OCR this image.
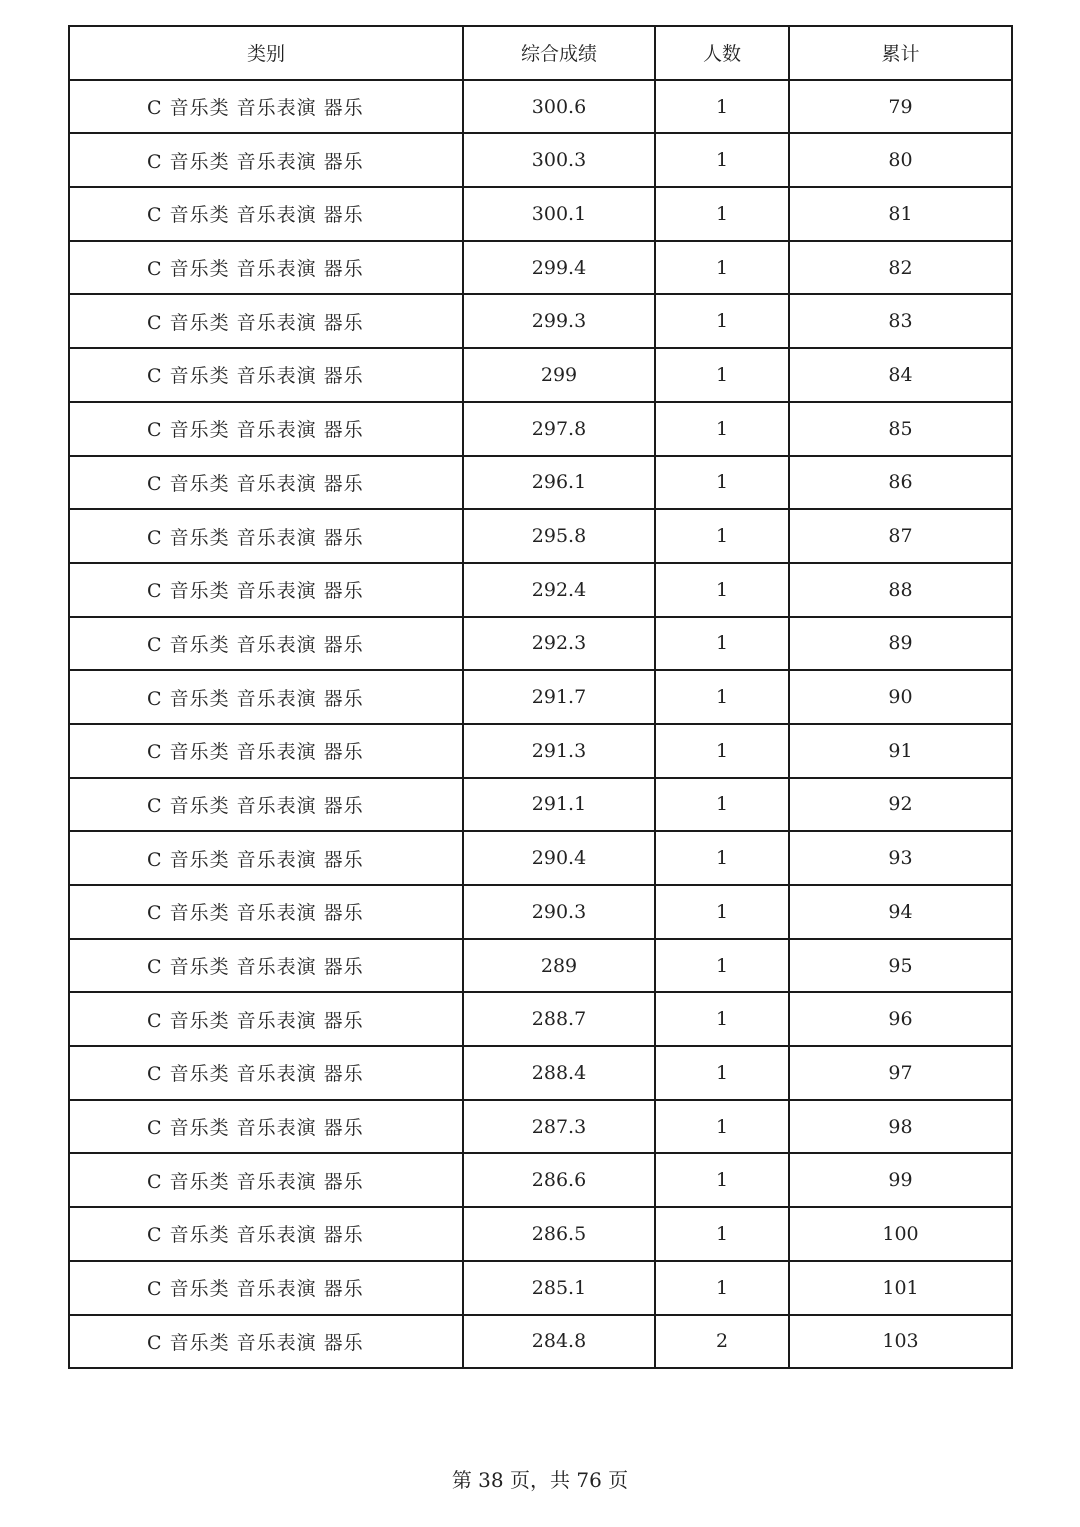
类别	综合成绩	人数	累计
C 音乐类 音乐表演 器乐	300.6	1	79
C 音乐类 音乐表演 器乐	300.3	1	80
C 音乐类 音乐表演 器乐	300.1	1	81
C 音乐类 音乐表演 器乐	299.4	1	82
C 音乐类 音乐表演 器乐	299.3	1	83
C 音乐类 音乐表演 器乐	299	1	84
C 音乐类 音乐表演 器乐	297.8	1	85
C 音乐类 音乐表演 器乐	296.1	1	86
C 音乐类 音乐表演 器乐	295.8	1	87
C 音乐类 音乐表演 器乐	292.4	1	88
C 音乐类 音乐表演 器乐	292.3	1	89
C 音乐类 音乐表演 器乐	291.7	1	90
C 音乐类 音乐表演 器乐	291.3	1	91
C 音乐类 音乐表演 器乐	291.1	1	92
C 音乐类 音乐表演 器乐	290.4	1	93
C 音乐类 音乐表演 器乐	290.3	1	94
C 音乐类 音乐表演 器乐	289	1	95
C 音乐类 音乐表演 器乐	288.7	1	96
C 音乐类 音乐表演 器乐	288.4	1	97
C 音乐类 音乐表演 器乐	287.3	1	98
C 音乐类 音乐表演 器乐	286.6	1	99
C 音乐类 音乐表演 器乐	286.5	1	100
C 音乐类 音乐表演 器乐	285.1	1	101
C 音乐类 音乐表演 器乐	284.8	2	103
第 38 页，共 76 页
